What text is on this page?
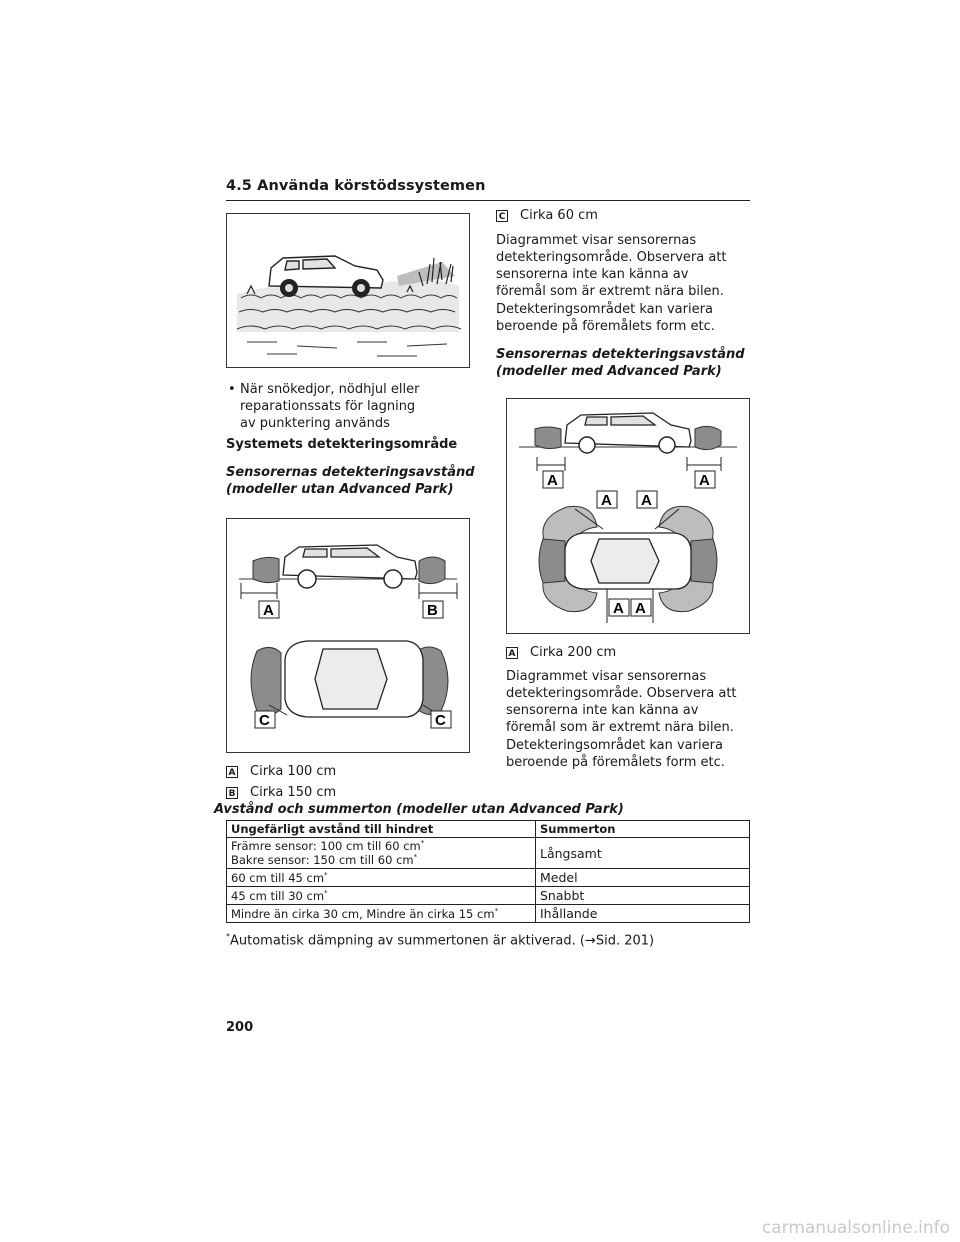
4.5 Använda körstödssystemen
• När snökedjor, nödhjul eller reparationssats för lagning av punktering används
Systemets detekteringsområde
Sensorernas detekteringsavstånd
(modeller utan Advanced Park)
A	B
C	C
A Cirka 100 cm
B Cirka 150 cm
C Cirka 60 cm
Diagrammet visar sensorernas detekteringsområde. Observera att sensorerna inte kan känna av föremål som är extremt nära bilen.
Detekteringsområdet kan variera beroende på föremålets form etc.
Sensorernas detekteringsavstånd
(modeller med Advanced Park)
A	A
A A
A A
A Cirka 200 cm
Diagrammet visar sensorernas detekteringsområde. Observera att sensorerna inte kan känna av föremål som är extremt nära bilen.
Detekteringsområdet kan variera beroende på föremålets form etc.
Avstånd och summerton (modeller utan Advanced Park)
Ungefärligt avstånd till hindret	Summerton
Främre sensor: 100 cm till 60 cm*
Bakre sensor: 150 cm till 60 cm*	Långsamt
60 cm till 45 cm*	Medel
45 cm till 30 cm*	Snabbt
Mindre än cirka 30 cm, Mindre än cirka 15 cm*	Ihållande
*Automatisk dämpning av summertonen är aktiverad. (→Sid. 201)
200
carmanualsonline.info
